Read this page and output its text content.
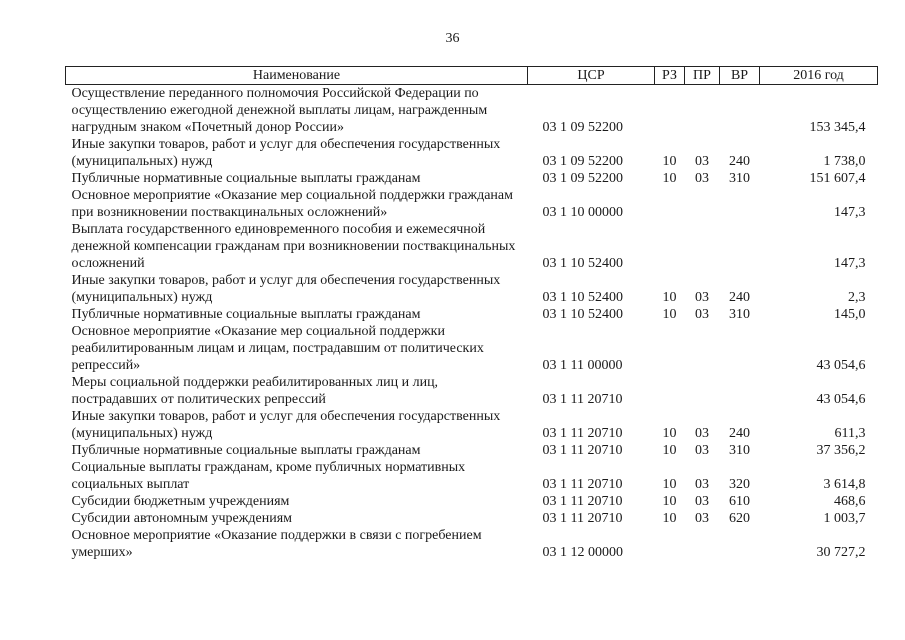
36
Наименование	ЦСР	РЗ	ПР	ВР	2016 год
Осуществление переданного полномочия Российской Федерации по осуществлению ежегодной денежной выплаты лицам, награжденным нагрудным знаком «Почетный донор России»	03 1 09 52200				153 345,4
Иные закупки товаров, работ и услуг для обеспечения государственных (муниципальных) нужд	03 1 09 52200	10	03	240	1 738,0
Публичные нормативные социальные выплаты гражданам	03 1 09 52200	10	03	310	151 607,4
Основное мероприятие «Оказание мер социальной поддержки гражданам при возникновении поствакцинальных осложнений»	03 1 10 00000				147,3
Выплата государственного единовременного пособия и ежемесячной денежной компенсации гражданам при возникновении поствакцинальных осложнений	03 1 10 52400				147,3
Иные закупки товаров, работ и услуг для обеспечения государственных (муниципальных) нужд	03 1 10 52400	10	03	240	2,3
Публичные нормативные социальные выплаты гражданам	03 1 10 52400	10	03	310	145,0
Основное мероприятие «Оказание мер социальной поддержки реабилитированным лицам и лицам, пострадавшим от политических репрессий»	03 1 11 00000				43 054,6
Меры социальной поддержки реабилитированных лиц и лиц, пострадавших от политических репрессий	03 1 11 20710				43 054,6
Иные закупки товаров, работ и услуг для обеспечения государственных (муниципальных) нужд	03 1 11 20710	10	03	240	611,3
Публичные нормативные социальные выплаты гражданам	03 1 11 20710	10	03	310	37 356,2
Социальные выплаты гражданам, кроме публичных нормативных социальных выплат	03 1 11 20710	10	03	320	3 614,8
Субсидии бюджетным учреждениям	03 1 11 20710	10	03	610	468,6
Субсидии автономным учреждениям	03 1 11 20710	10	03	620	1 003,7
Основное мероприятие «Оказание поддержки в связи с погребением умерших»	03 1 12 00000				30 727,2
